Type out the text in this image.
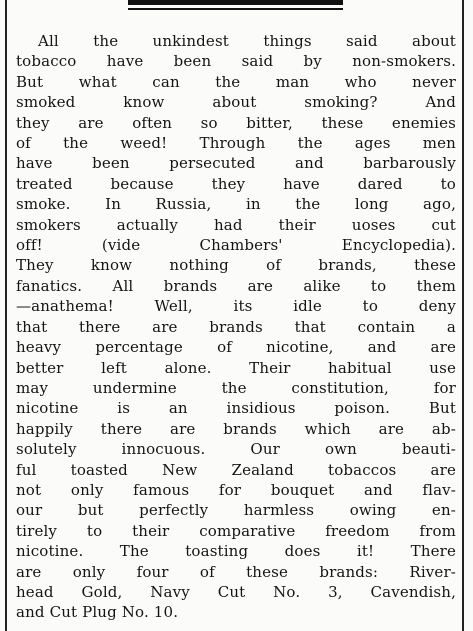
All the unkindest things said about
tobacco have been said by non-smokers.
But what can the man who never
smoked know about smoking? And
they are often so bitter, these enemies
of the weed! Through the ages men
have been persecuted and barbarously
treated because they have dared to
smoke. In Russia, in the long ago,
smokers actually had their uoses cut
off! (vide Chambers' Encyclopedia).
They know nothing of brands, these
fanatics. All brands are alike to them
—anathema! Well, its idle to deny
that there are brands that contain a
heavy percentage of nicotine, and are
better left alone. Their habitual use
may undermine the constitution, for
nicotine is an insidious poison. But
happily there are brands which are ab-
solutely innocuous. Our own beauti-
ful toasted New Zealand tobaccos are
not only famous for bouquet and flav-
our but perfectly harmless owing en-
tirely to their comparative freedom from
nicotine. The toasting does it! There
are only four of these brands: River-
head Gold, Navy Cut No. 3, Cavendish,
and Cut Plug No. 10.
